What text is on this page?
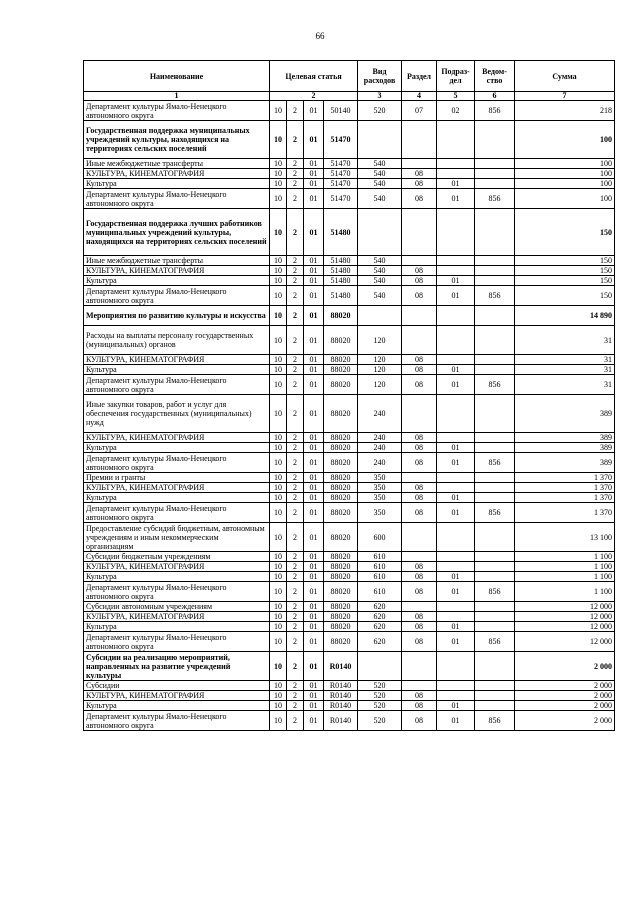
66
Наименование	Целевая статья				Вид расходов	Раздел	Подраз-дел	Ведом-ство	Сумма
1	2				3	4	5	6	7
Департамент культуры Ямало-Ненецкого автономного округа	10	2	01	50140	520	07	02	856	218
Государственная поддержка муниципальных учреждений культуры, находящихся на территориях сельских поселений	10	2	01	51470					100
Иные межбюджетные трансферты	10	2	01	51470	540				100
КУЛЬТУРА, КИНЕМАТОГРАФИЯ	10	2	01	51470	540	08			100
Культура	10	2	01	51470	540	08	01		100
Департамент культуры Ямало-Ненецкого автономного округа	10	2	01	51470	540	08	01	856	100
Государственная поддержка лучших работников муниципальных учреждений культуры, находящихся на территориях сельских поселений	10	2	01	51480					150
Иные межбюджетные трансферты	10	2	01	51480	540				150
КУЛЬТУРА, КИНЕМАТОГРАФИЯ	10	2	01	51480	540	08			150
Культура	10	2	01	51480	540	08	01		150
Департамент культуры Ямало-Ненецкого автономного округа	10	2	01	51480	540	08	01	856	150
Мероприятия по развитию культуры и искусства	10	2	01	88020					14 890
Расходы на выплаты персоналу государственных (муниципальных) органов	10	2	01	88020	120				31
КУЛЬТУРА, КИНЕМАТОГРАФИЯ	10	2	01	88020	120	08			31
Культура	10	2	01	88020	120	08	01		31
Департамент культуры Ямало-Ненецкого автономного округа	10	2	01	88020	120	08	01	856	31
Иные закупки товаров, работ и услуг для обеспечения государственных (муниципальных) нужд	10	2	01	88020	240				389
КУЛЬТУРА, КИНЕМАТОГРАФИЯ	10	2	01	88020	240	08			389
Культура	10	2	01	88020	240	08	01		389
Департамент культуры Ямало-Ненецкого автономного округа	10	2	01	88020	240	08	01	856	389
Премии и гранты	10	2	01	88020	350				1 370
КУЛЬТУРА, КИНЕМАТОГРАФИЯ	10	2	01	88020	350	08			1 370
Культура	10	2	01	88020	350	08	01		1 370
Департамент культуры Ямало-Ненецкого автономного округа	10	2	01	88020	350	08	01	856	1 370
Предоставление субсидий бюджетным, автономным учреждениям и иным некоммерческим организациям	10	2	01	88020	600				13 100
Субсидии бюджетным учреждениям	10	2	01	88020	610				1 100
КУЛЬТУРА, КИНЕМАТОГРАФИЯ	10	2	01	88020	610	08			1 100
Культура	10	2	01	88020	610	08	01		1 100
Департамент культуры Ямало-Ненецкого автономного округа	10	2	01	88020	610	08	01	856	1 100
Субсидии автономным учреждениям	10	2	01	88020	620				12 000
КУЛЬТУРА, КИНЕМАТОГРАФИЯ	10	2	01	88020	620	08			12 000
Культура	10	2	01	88020	620	08	01		12 000
Департамент культуры Ямало-Ненецкого автономного округа	10	2	01	88020	620	08	01	856	12 000
Субсидии на реализацию мероприятий, направленных на развитие учреждений культуры	10	2	01	R0140					2 000
Субсидии	10	2	01	R0140	520				2 000
КУЛЬТУРА, КИНЕМАТОГРАФИЯ	10	2	01	R0140	520	08			2 000
Культура	10	2	01	R0140	520	08	01		2 000
Департамент культуры Ямало-Ненецкого автономного округа	10	2	01	R0140	520	08	01	856	2 000
